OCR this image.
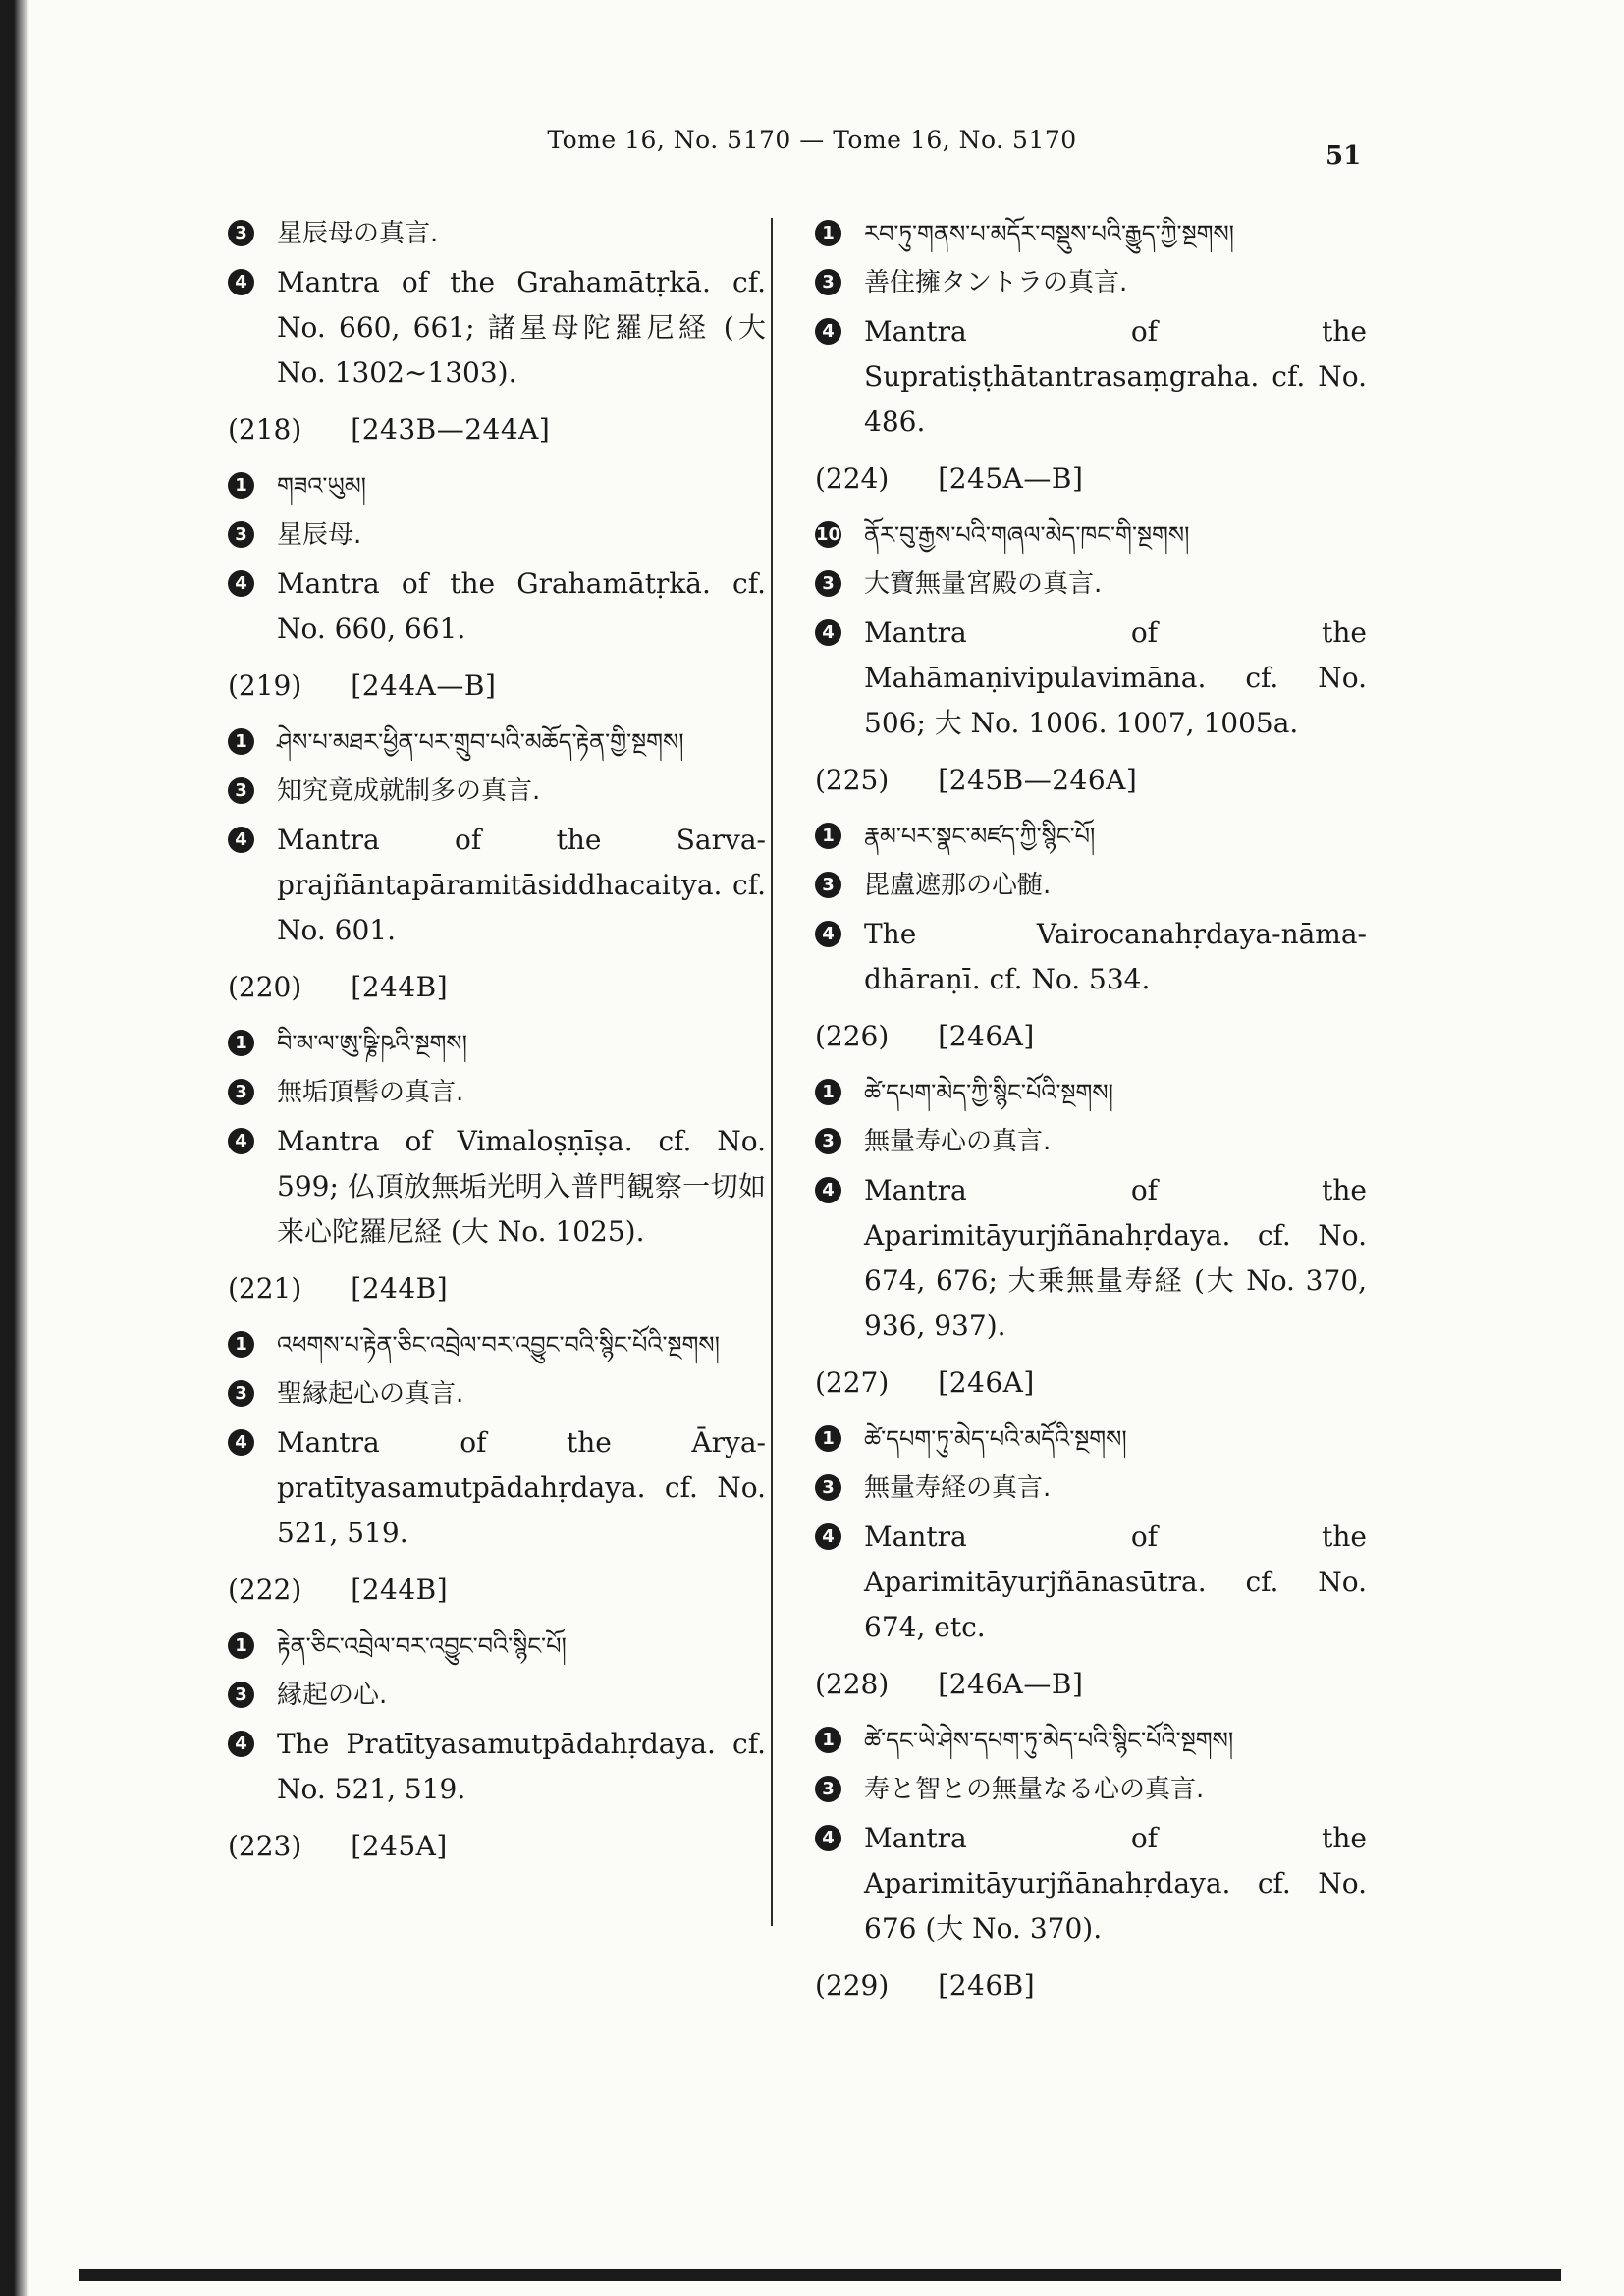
Tome 16, No. 5170 — Tome 16, No. 5170
51
3 星辰母の真言.
4 Mantra of the Grahamātṛkā. cf. No. 660, 661; 諸星母陀羅尼経 (大 No. 1302~1303).
(218) [243B—244A]
1	གཟའ་ཡུམ།
3 星辰母.
4 Mantra of the Grahamātṛkā. cf. No. 660, 661.
(219) [244A—B]
1	ཤེས་པ་མཐར་ཕྱིན་པར་གྲུབ་པའི་མཆོད་རྟེན་གྱི་སྔགས།
3 知究竟成就制多の真言.
4 Mantra of the Sarva-prajñāntapāramitāsiddhacaitya. cf. No. 601.
(220) [244B]
1	བི་མ་ལ་ཨུ་ཥྞི་ཥའི་སྔགས།
3 無垢頂髻の真言.
4 Mantra of Vimaloṣṇīṣa. cf. No. 599; 仏頂放無垢光明入普門観察一切如来心陀羅尼経 (大 No. 1025).
(221) [244B]
1	འཕགས་པ་རྟེན་ཅིང་འབྲེལ་བར་འབྱུང་བའི་སྙིང་པོའི་སྔགས།
3 聖縁起心の真言.
4 Mantra of the Ārya-pratītyasamutpādahṛdaya. cf. No. 521, 519.
(222) [244B]
1	རྟེན་ཅིང་འབྲེལ་བར་འབྱུང་བའི་སྙིང་པོ།
3 縁起の心.
4 The Pratītyasamutpādahṛdaya. cf. No. 521, 519.
(223) [245A]
1	རབ་ཏུ་གནས་པ་མདོར་བསྡུས་པའི་རྒྱུད་ཀྱི་སྔགས།
3 善住擁タントラの真言.
4 Mantra of the Supratiṣṭhātantrasaṃgraha. cf. No. 486.
(224) [245A—B]
10 ནོར་བུ་རྒྱས་པའི་གཞལ་མེད་ཁང་གི་སྔགས།
3 大寶無量宮殿の真言.
4 Mantra of the Mahāmaṇivipulavimāna. cf. No. 506; 大 No. 1006. 1007, 1005a.
(225) [245B—246A]
1	རྣམ་པར་སྣང་མཛད་ཀྱི་སྙིང་པོ།
3 毘盧遮那の心髄.
4 The Vairocanahṛdaya-nāma-dhāraṇī. cf. No. 534.
(226) [246A]
1	ཚེ་དཔག་མེད་ཀྱི་སྙིང་པོའི་སྔགས།
3 無量寿心の真言.
4 Mantra of the Aparimitāyurjñānahṛdaya. cf. No. 674, 676; 大乗無量寿経 (大 No. 370, 936, 937).
(227) [246A]
1	ཚེ་དཔག་ཏུ་མེད་པའི་མདོའི་སྔགས།
3 無量寿経の真言.
4 Mantra of the Aparimitāyurjñānasūtra. cf. No. 674, etc.
(228) [246A—B]
1	ཚེ་དང་ཡེ་ཤེས་དཔག་ཏུ་མེད་པའི་སྙིང་པོའི་སྔགས།
3 寿と智との無量なる心の真言.
4 Mantra of the Aparimitāyurjñānahṛdaya. cf. No. 676 (大 No. 370).
(229) [246B]
